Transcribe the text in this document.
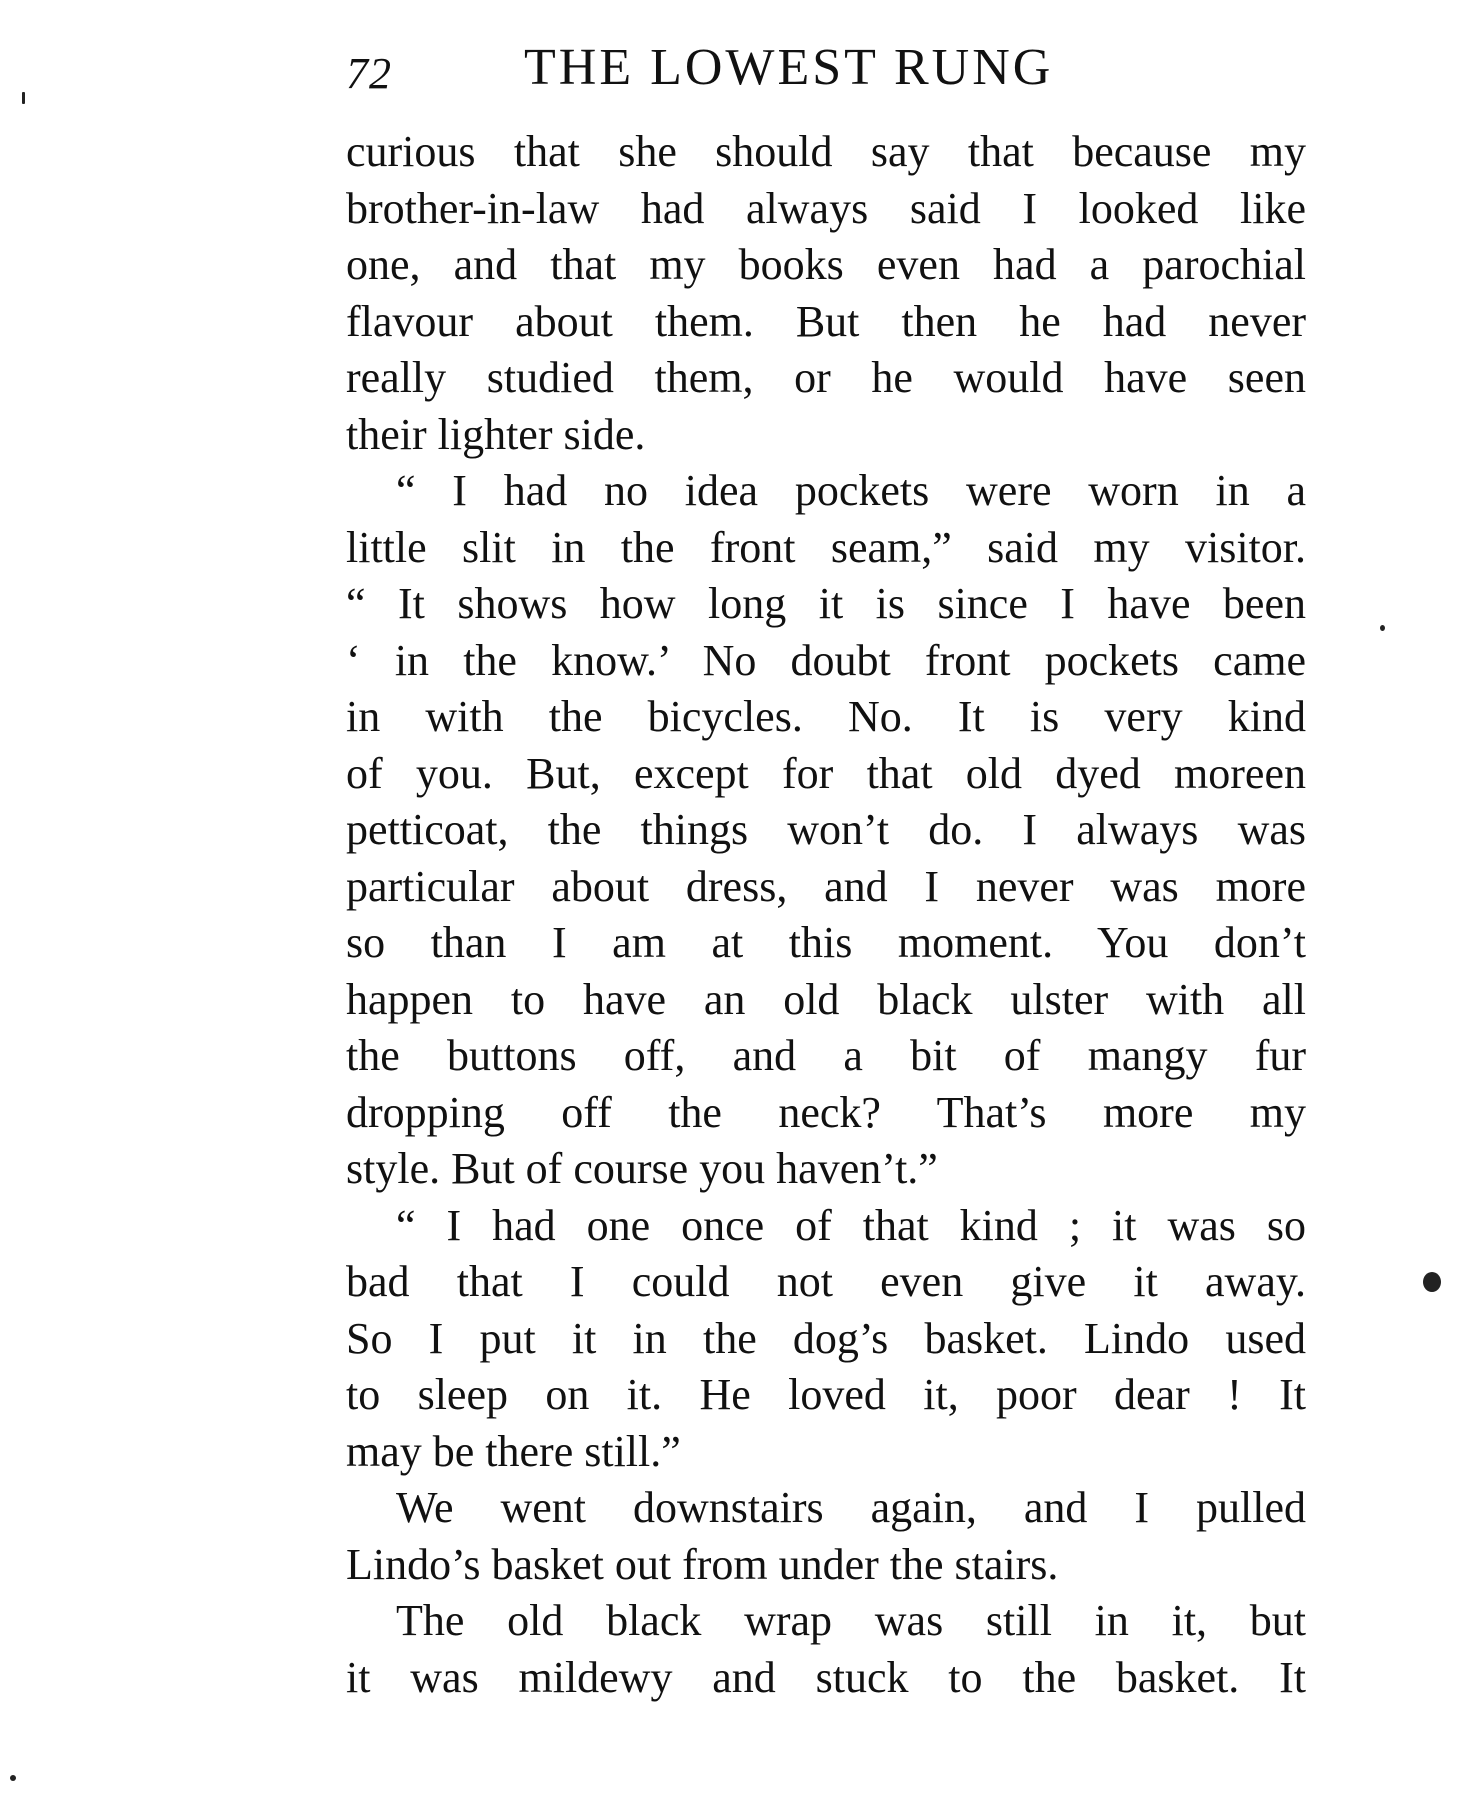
72	THE LOWEST RUNG
curious that she should say that because my
brother-in-law had always said I looked like
one, and that my books even had a parochial
flavour about them. But then he had never
really studied them, or he would have seen
their lighter side.
“ I had no idea pockets were worn in a
little slit in the front seam,” said my visitor.
“ It shows how long it is since I have been
‘ in the know.’ No doubt front pockets came
in with the bicycles. No. It is very kind
of you. But, except for that old dyed moreen
petticoat, the things won’t do. I always was
particular about dress, and I never was more
so than I am at this moment. You don’t
happen to have an old black ulster with all
the buttons off, and a bit of mangy fur
dropping off the neck? That’s more my
style. But of course you haven’t.”
“ I had one once of that kind ; it was so
bad that I could not even give it away.
So I put it in the dog’s basket. Lindo used
to sleep on it. He loved it, poor dear ! It
may be there still.”
We went downstairs again, and I pulled
Lindo’s basket out from under the stairs.
The old black wrap was still in it, but
it was mildewy and stuck to the basket. It
